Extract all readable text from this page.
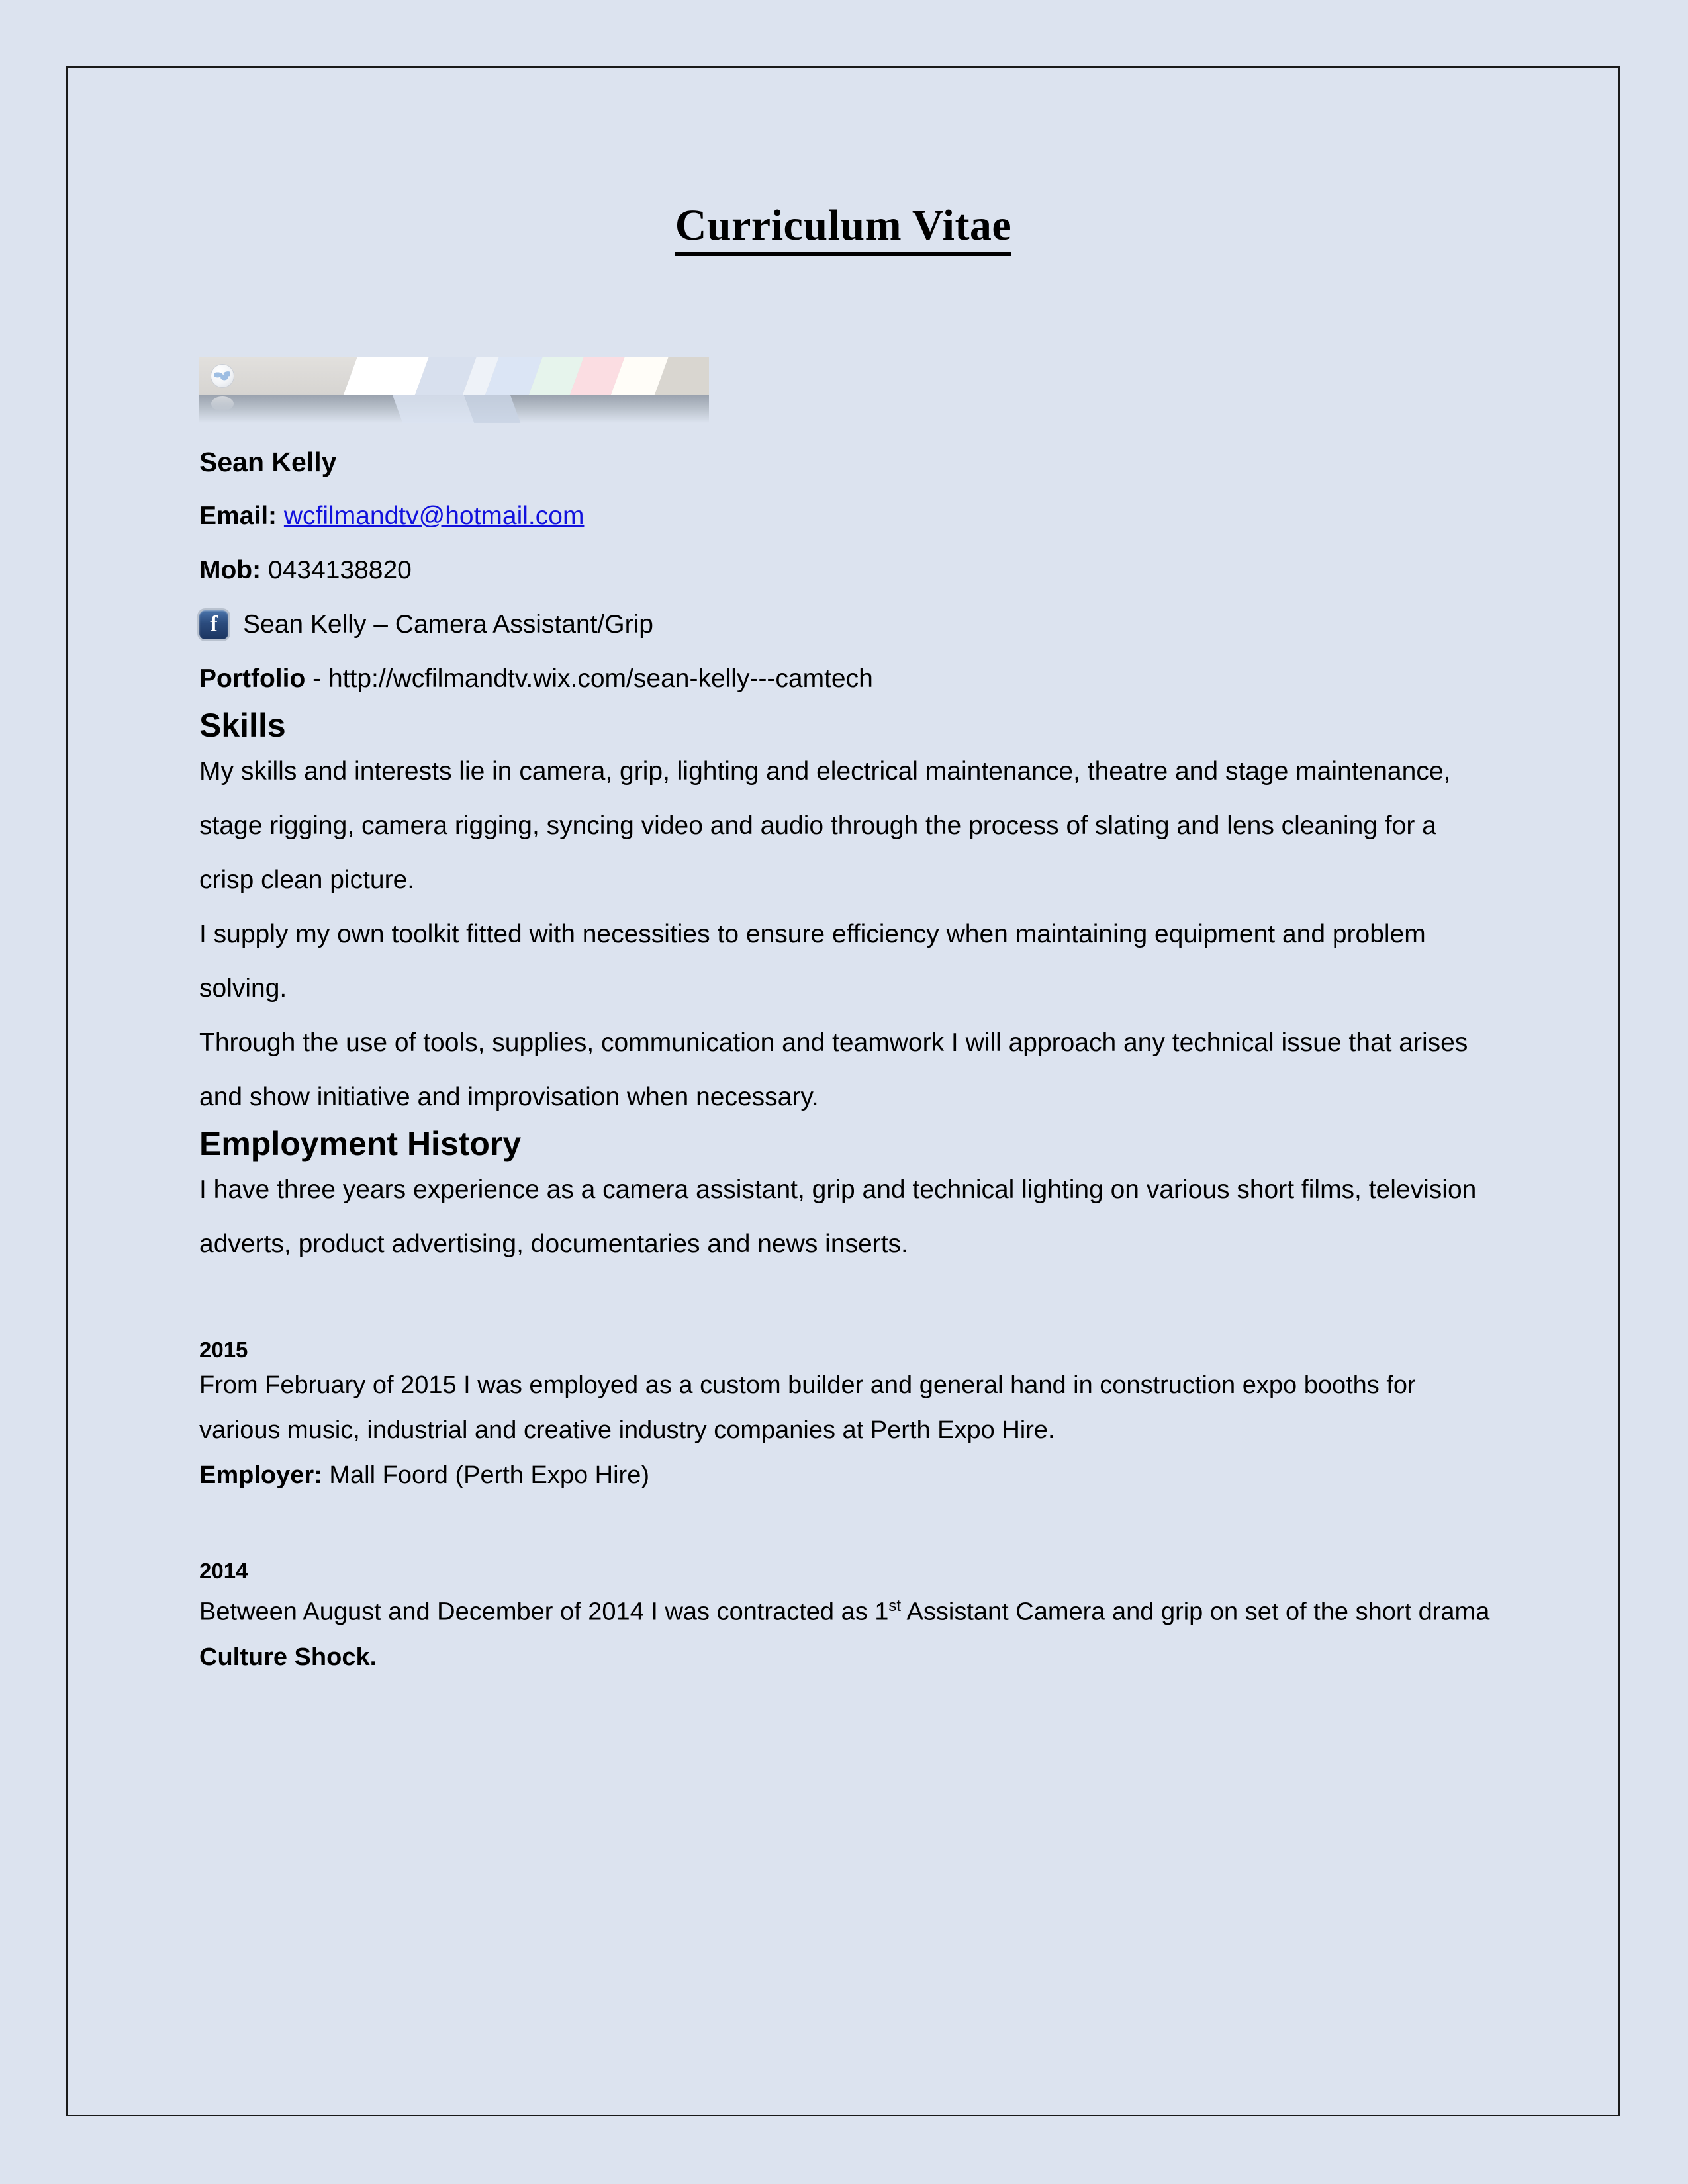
Curriculum Vitae
Sean Kelly
Email: wcfilmandtv@hotmail.com
Mob: 0434138820
f Sean Kelly – Camera Assistant/Grip
Portfolio - http://wcfilmandtv.wix.com/sean-kelly---camtech
Skills

My skills and interests lie in camera, grip, lighting and electrical maintenance, theatre and stage maintenance, stage rigging, camera rigging, syncing video and audio through the process of slating and lens cleaning for a crisp clean picture.

I supply my own toolkit fitted with necessities to ensure efficiency when maintaining equipment and problem solving.

Through the use of tools, supplies, communication and teamwork I will approach any technical issue that arises and show initiative and improvisation when necessary.

Employment History

I have three years experience as a camera assistant, grip and technical lighting on various short films, television adverts, product advertising, documentaries and news inserts.

2015

From February of 2015 I was employed as a custom builder and general hand in construction expo booths for various music, industrial and creative industry companies at Perth Expo Hire.

Employer: Mall Foord (Perth Expo Hire)

2014

Between August and December of 2014 I was contracted as 1st Assistant Camera and grip on set of the short drama Culture Shock.
